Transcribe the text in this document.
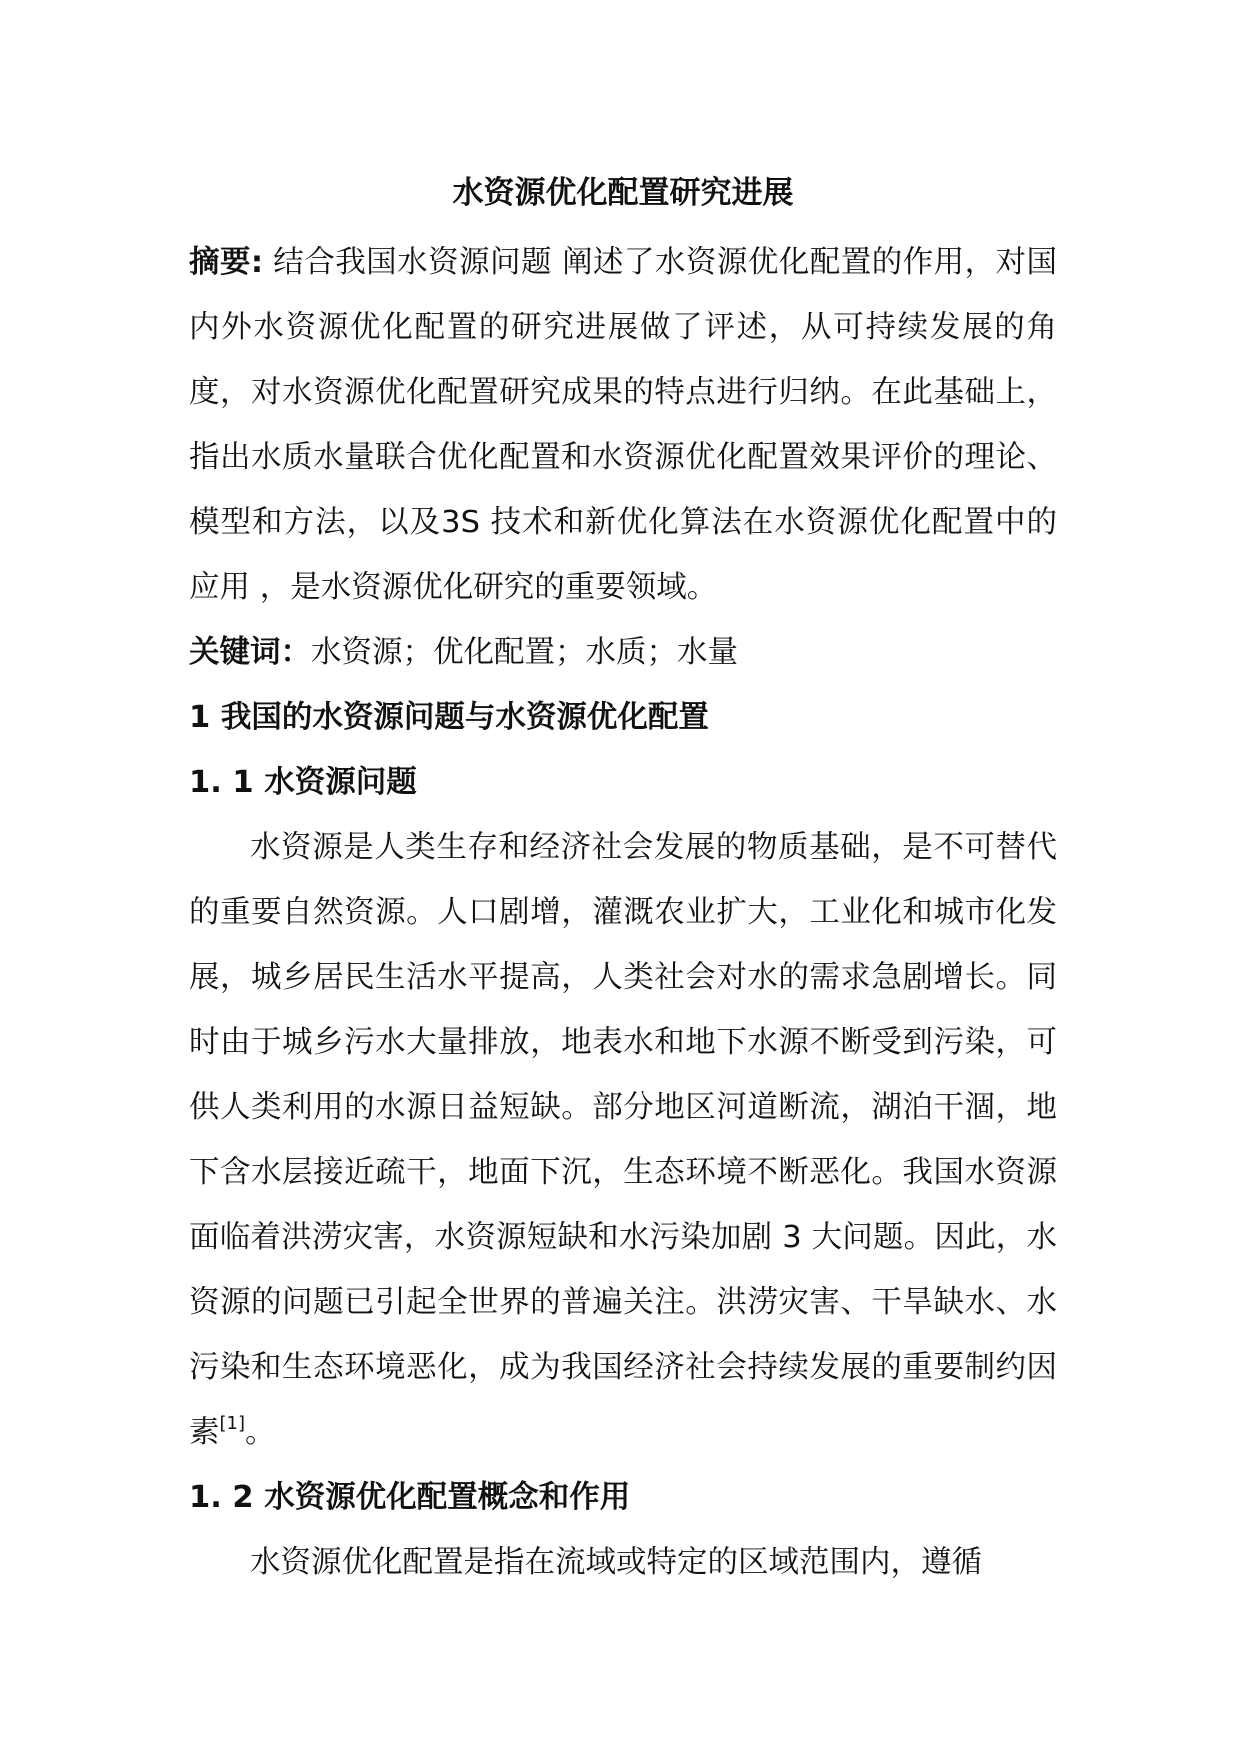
水资源优化配置研究进展

摘要: 结合我国水资源问题 阐述了水资源优化配置的作用，对国内外水资源优化配置的研究进展做了评述，从可持续发展的角度，对水资源优化配置研究成果的特点进行归纳。在此基础上，指出水质水量联合优化配置和水资源优化配置效果评价的理论、模型和方法，以及3S 技术和新优化算法在水资源优化配置中的应用 ，是水资源优化研究的重要领域。

关键词：水资源；优化配置；水质；水量

1 我国的水资源问题与水资源优化配置

1. 1 水资源问题

水资源是人类生存和经济社会发展的物质基础，是不可替代的重要自然资源。人口剧增，灌溉农业扩大，工业化和城市化发展，城乡居民生活水平提高，人类社会对水的需求急剧增长。同时由于城乡污水大量排放，地表水和地下水源不断受到污染，可供人类利用的水源日益短缺。部分地区河道断流，湖泊干涸，地下含水层接近疏干，地面下沉，生态环境不断恶化。我国水资源面临着洪涝灾害，水资源短缺和水污染加剧 3 大问题。因此，水资源的问题已引起全世界的普遍关注。洪涝灾害、干旱缺水、水污染和生态环境恶化，成为我国经济社会持续发展的重要制约因素[1]。

1. 2 水资源优化配置概念和作用

水资源优化配置是指在流域或特定的区域范围内，遵循
